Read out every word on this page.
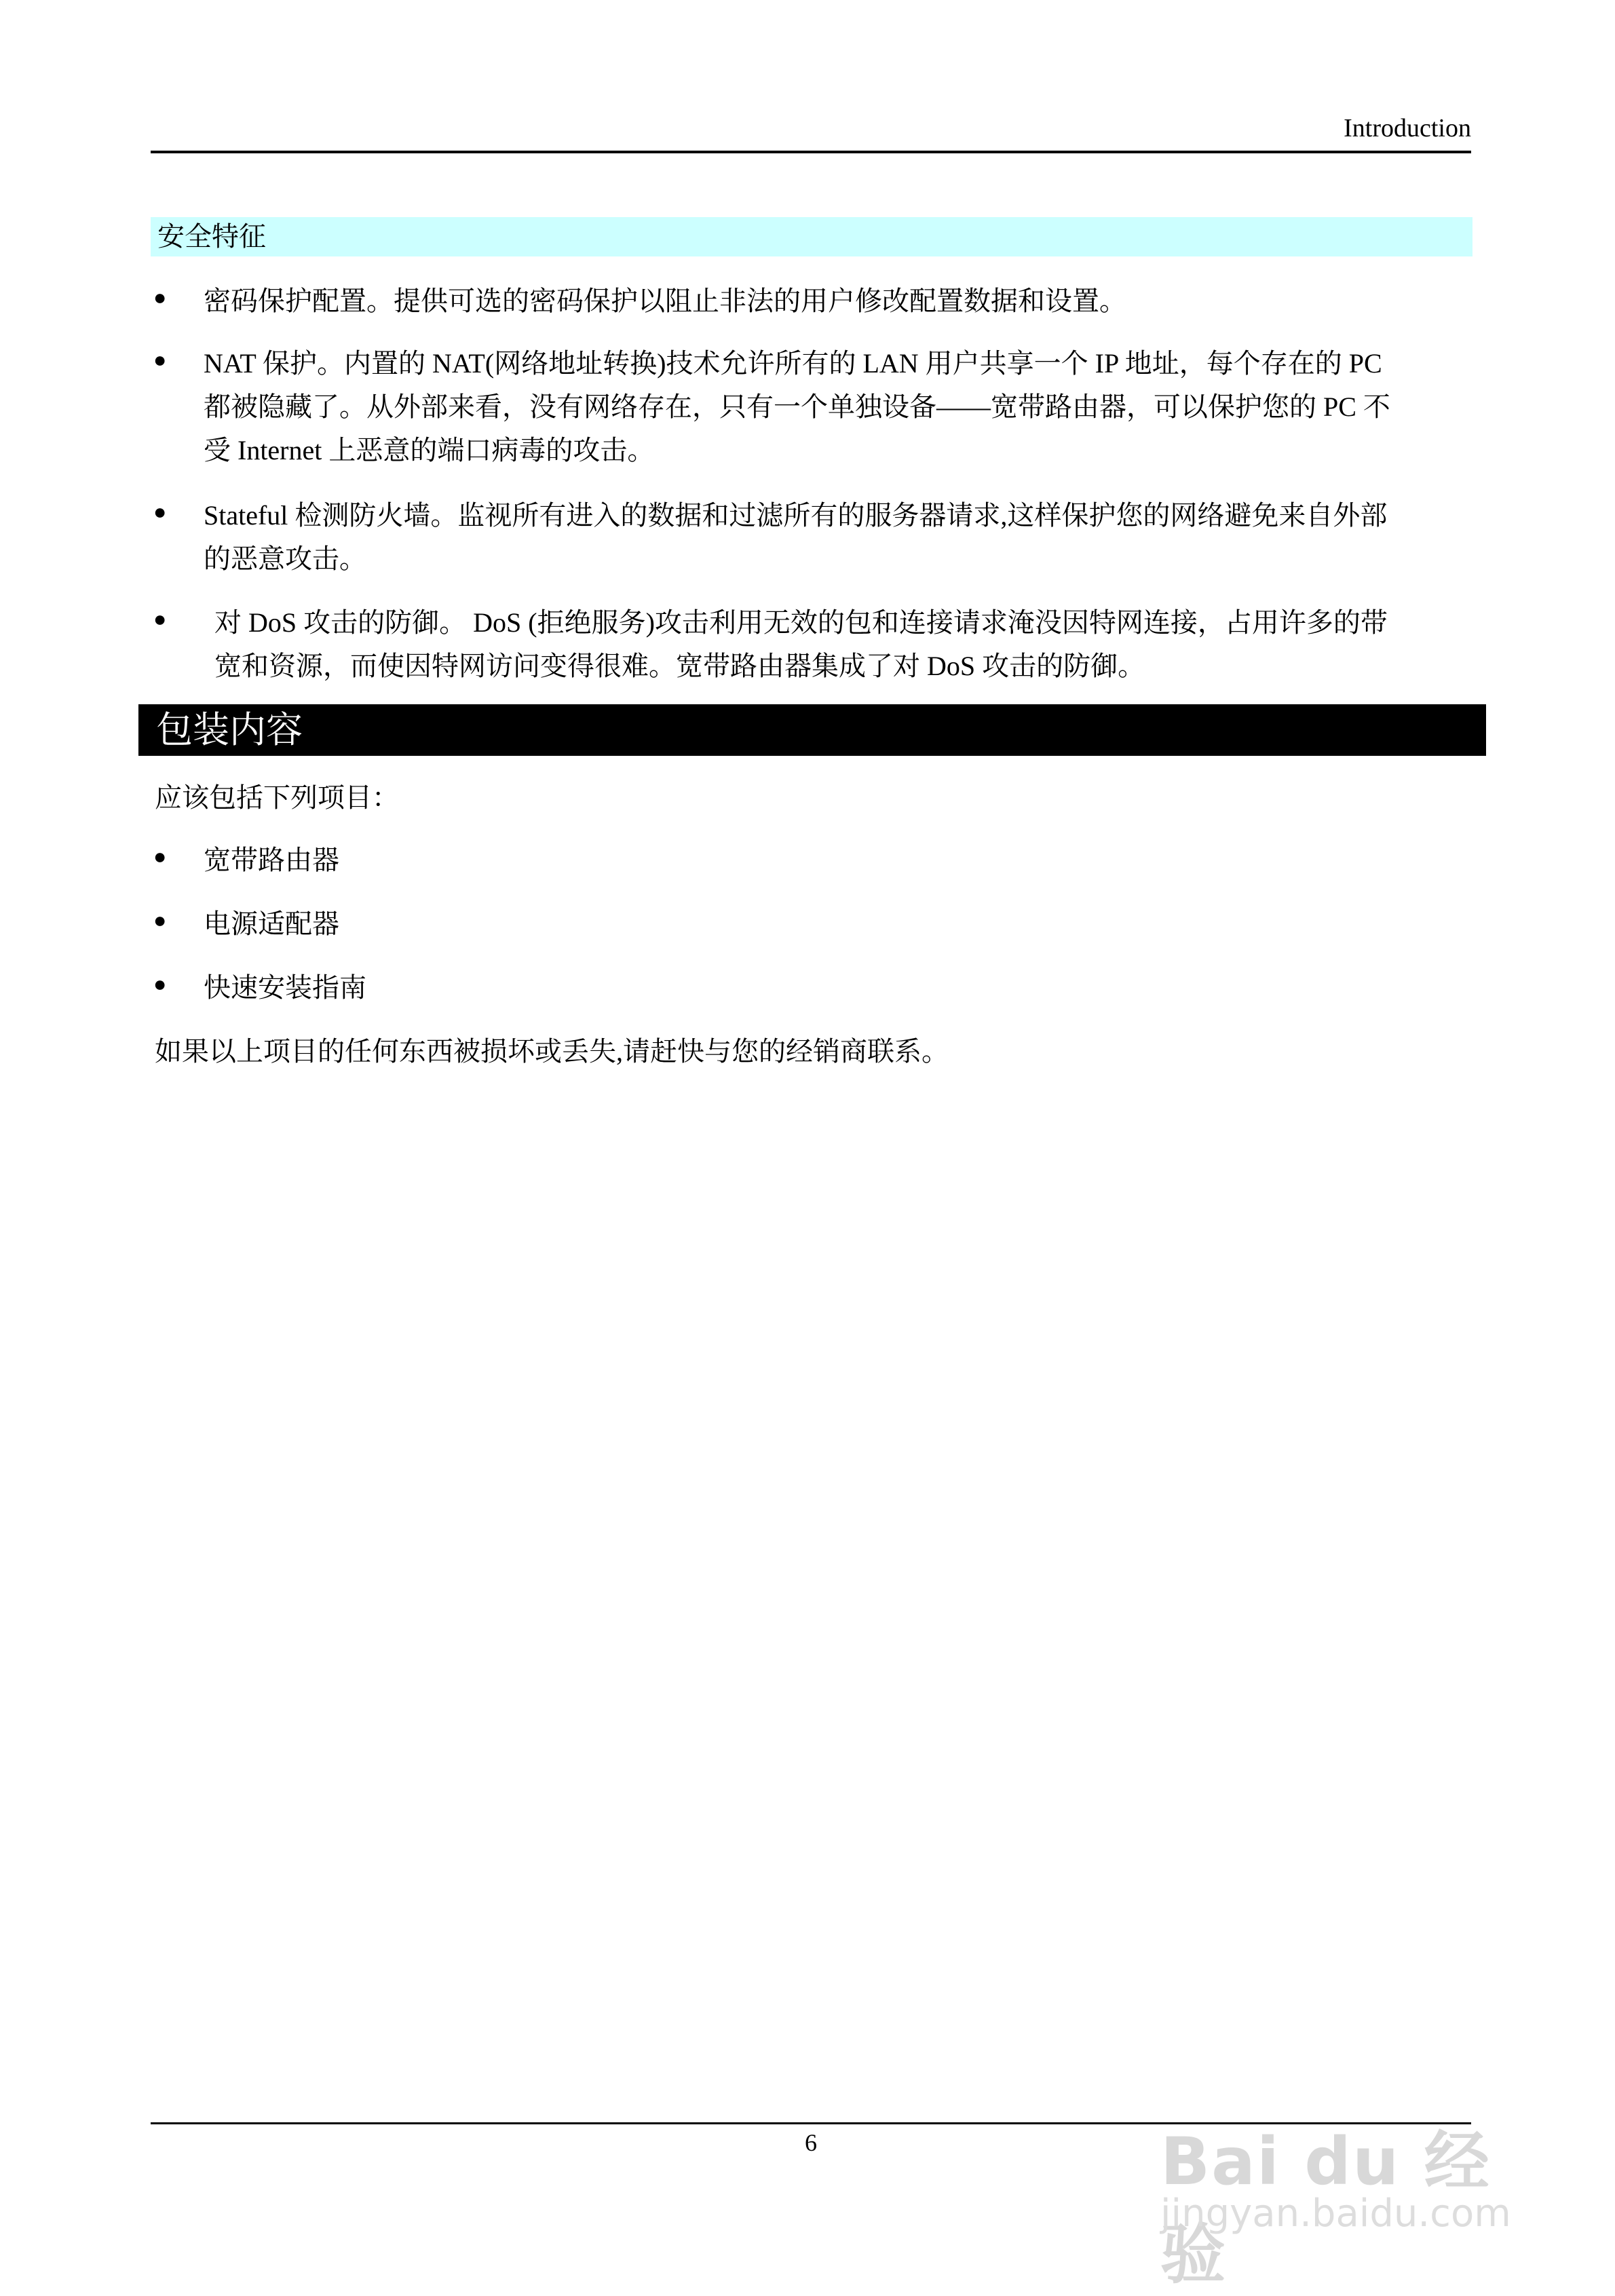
Introduction
安全特征
● 密码保护配置。提供可选的密码保护以阻止非法的用户修改配置数据和设置。
● NAT 保护。内置的 NAT(网络地址转换)技术允许所有的 LAN 用户共享一个 IP 地址，每个存在的 PC
都被隐藏了。从外部来看，没有网络存在，只有一个单独设备——宽带路由器，可以保护您的 PC 不
受 Internet 上恶意的端口病毒的攻击。
● Stateful 检测防火墙。监视所有进入的数据和过滤所有的服务器请求,这样保护您的网络避免来自外部
的恶意攻击。
● 对 DoS 攻击的防御。 DoS (拒绝服务)攻击利用无效的包和连接请求淹没因特网连接，占用许多的带
宽和资源，而使因特网访问变得很难。宽带路由器集成了对 DoS 攻击的防御。
包装内容
应该包括下列项目：
● 宽带路由器
● 电源适配器
● 快速安装指南
如果以上项目的任何东西被损坏或丢失,请赶快与您的经销商联系。
6	Bai du 经验
jingyan.baidu.com
